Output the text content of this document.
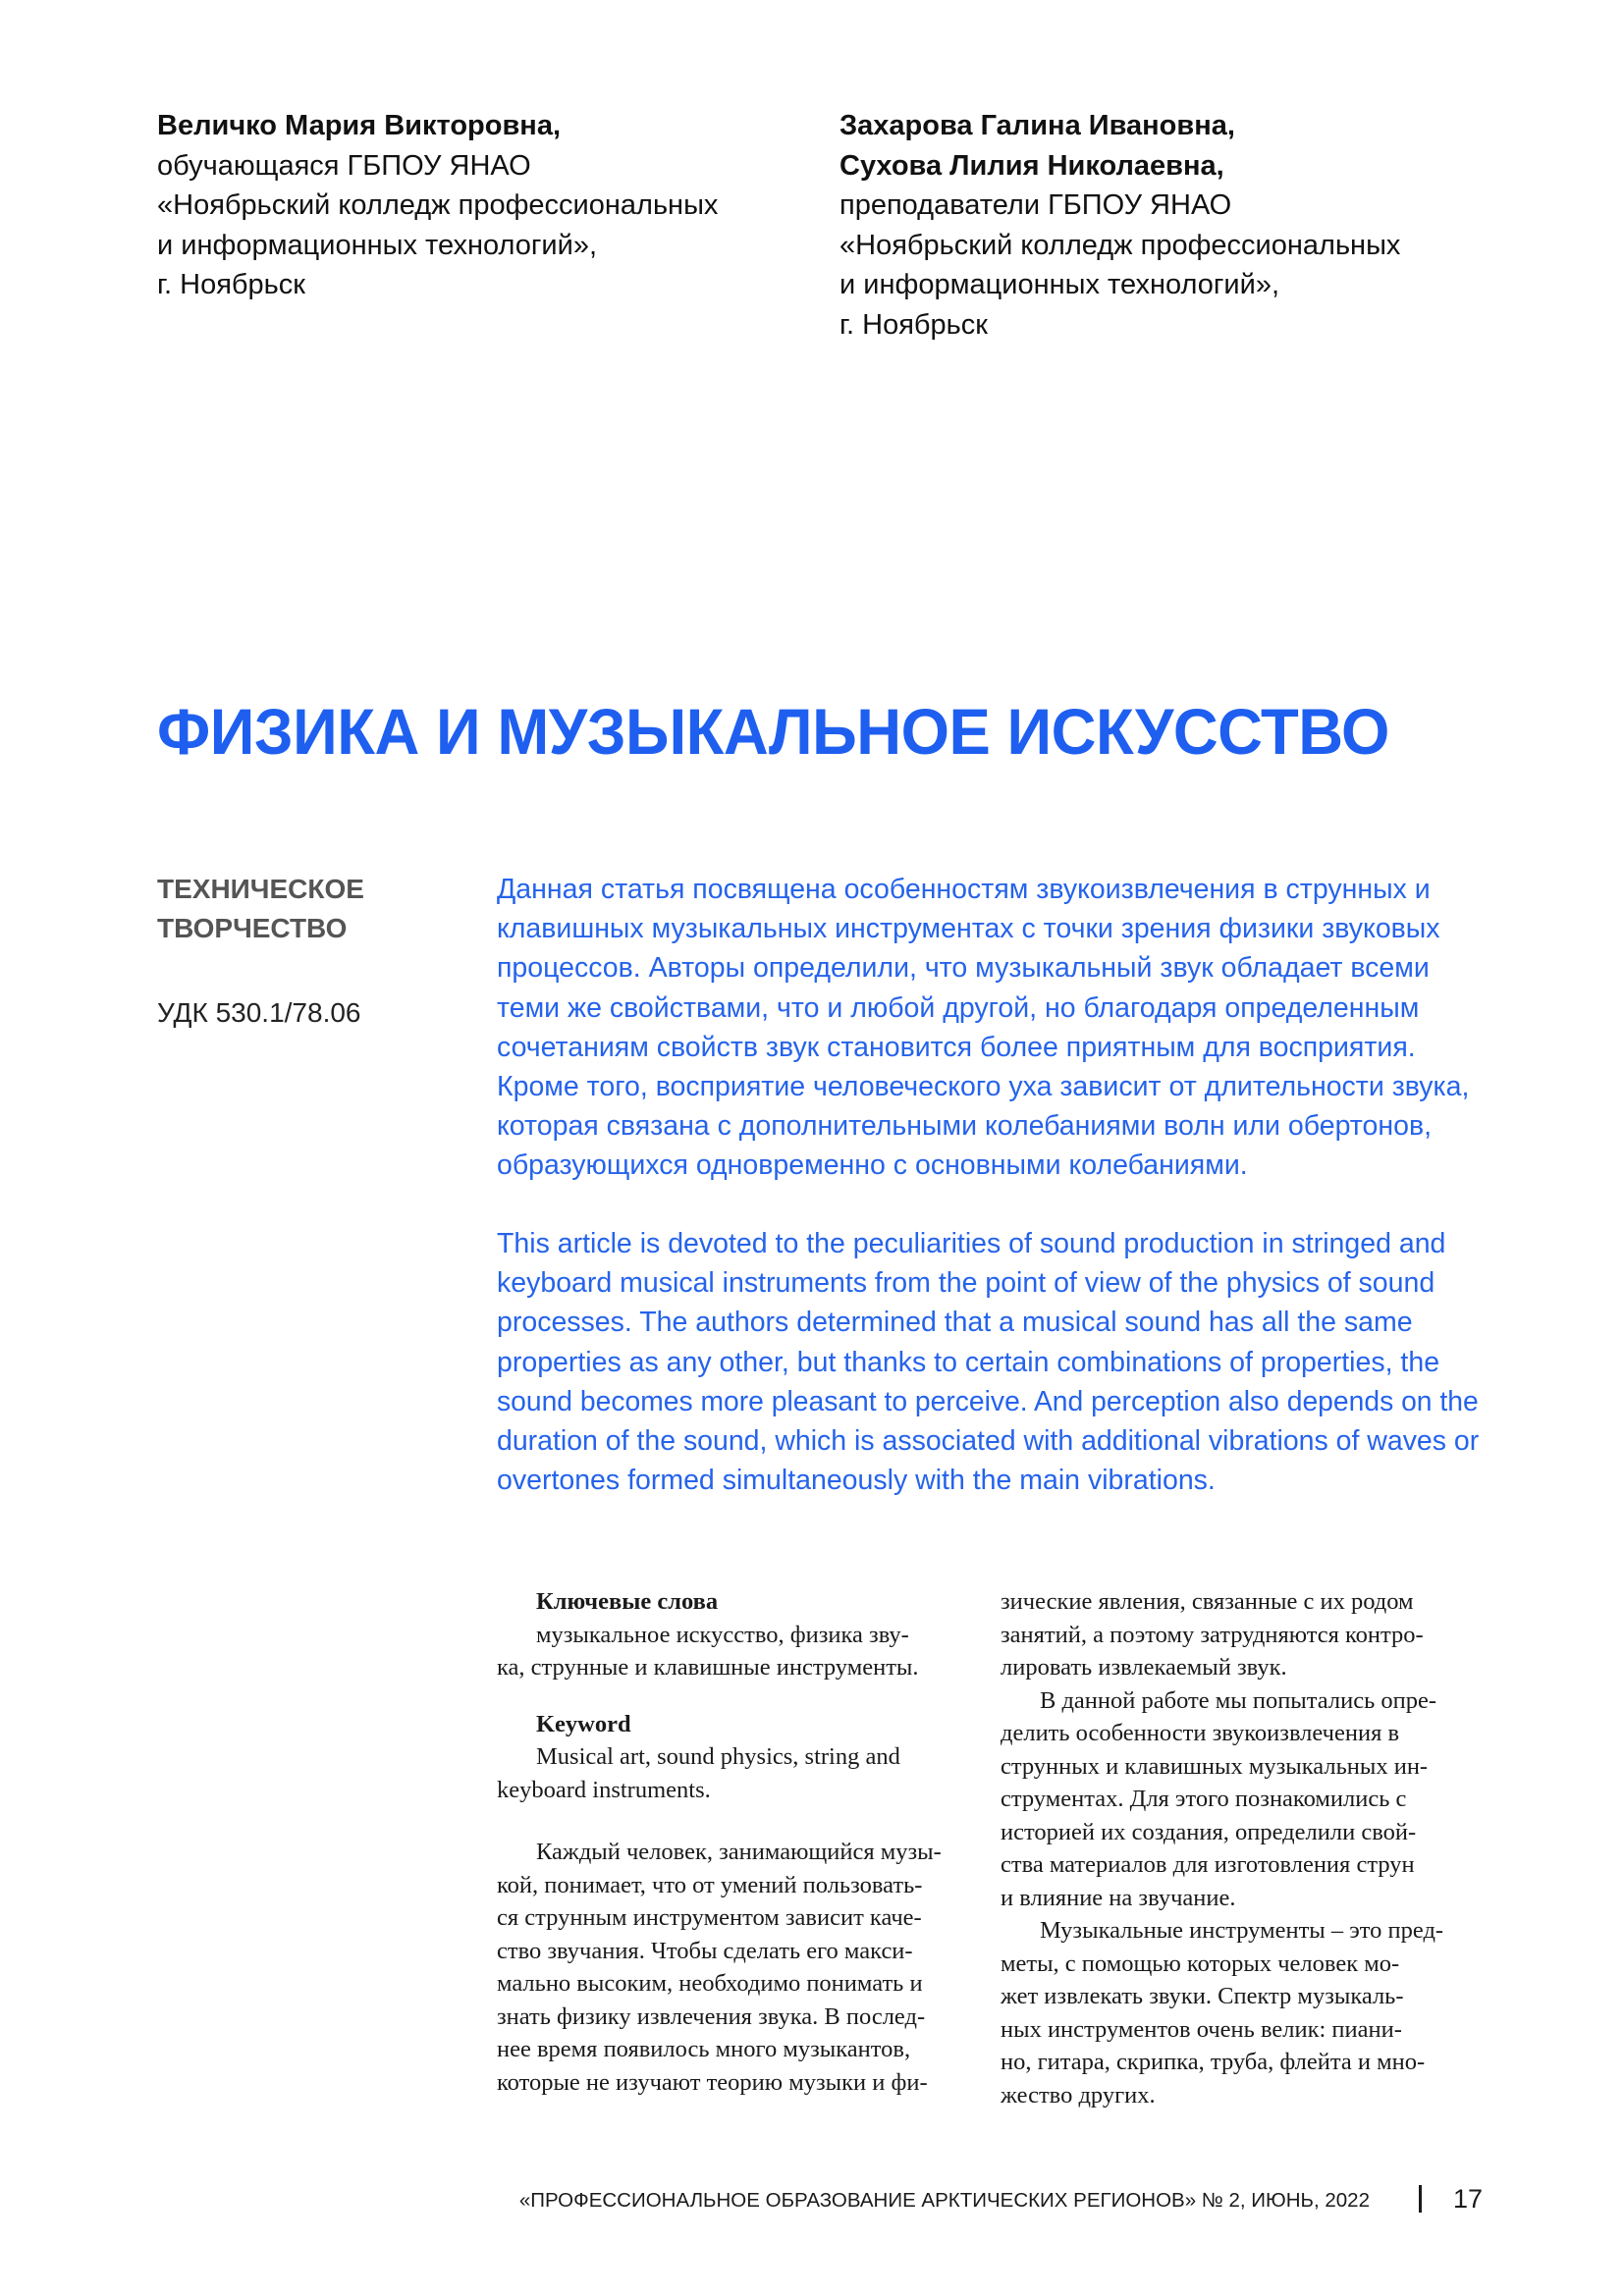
Величко Мария Викторовна,
обучающаяся ГБПОУ ЯНАО
«Ноябрьский колледж профессиональных
и информационных технологий»,
г. Ноябрьск
Захарова Галина Ивановна,
Сухова Лилия Николаевна,
преподаватели ГБПОУ ЯНАО
«Ноябрьский колледж профессиональных
и информационных технологий»,
г. Ноябрьск
ФИЗИКА И МУЗЫКАЛЬНОЕ ИСКУССТВО
ТЕХНИЧЕСКОЕ
ТВОРЧЕСТВО
УДК 530.1/78.06
Данная статья посвящена особенностям звукоизвлечения в струнных и
клавишных музыкальных инструментах с точки зрения физики звуковых
процессов. Авторы определили, что музыкальный звук обладает всеми
теми же свойствами, что и любой другой, но благодаря определенным
сочетаниям свойств звук становится более приятным для восприятия.
Кроме того, восприятие человеческого уха зависит от длительности звука,
которая связана с дополнительными колебаниями волн или обертонов,
образующихся одновременно с основными колебаниями.
This article is devoted to the peculiarities of sound production in stringed and
keyboard musical instruments from the point of view of the physics of sound
processes. The authors determined that a musical sound has all the same
properties as any other, but thanks to certain combinations of properties, the
sound becomes more pleasant to perceive. And perception also depends on the
duration of the sound, which is associated with additional vibrations of waves or
overtones formed simultaneously with the main vibrations.
Ключевые слова
музыкальное искусство, физика зву-
ка, струнные и клавишные инструменты.
Keyword
Musical art, sound physics, string and
keyboard instruments.
Каждый человек, занимающийся музы-
кой, понимает, что от умений пользовать-
ся струнным инструментом зависит каче-
ство звучания. Чтобы сделать его макси-
мально высоким, необходимо понимать и
знать физику извлечения звука. В послед-
нее время появилось много музыкантов,
которые не изучают теорию музыки и фи-
зические явления, связанные с их родом
занятий, а поэтому затрудняются контро-
лировать извлекаемый звук.
В данной работе мы попытались опре-
делить особенности звукоизвлечения в
струнных и клавишных музыкальных ин-
струментах. Для этого познакомились с
историей их создания, определили свой-
ства материалов для изготовления струн
и влияние на звучание.
Музыкальные инструменты – это пред-
меты, с помощью которых человек мо-
жет извлекать звуки. Спектр музыкаль-
ных инструментов очень велик: пиани-
но, гитара, скрипка, труба, флейта и мно-
жество других.
«ПРОФЕССИОНАЛЬНОЕ ОБРАЗОВАНИЕ АРКТИЧЕСКИХ РЕГИОНОВ» № 2, ИЮНЬ, 2022	17
